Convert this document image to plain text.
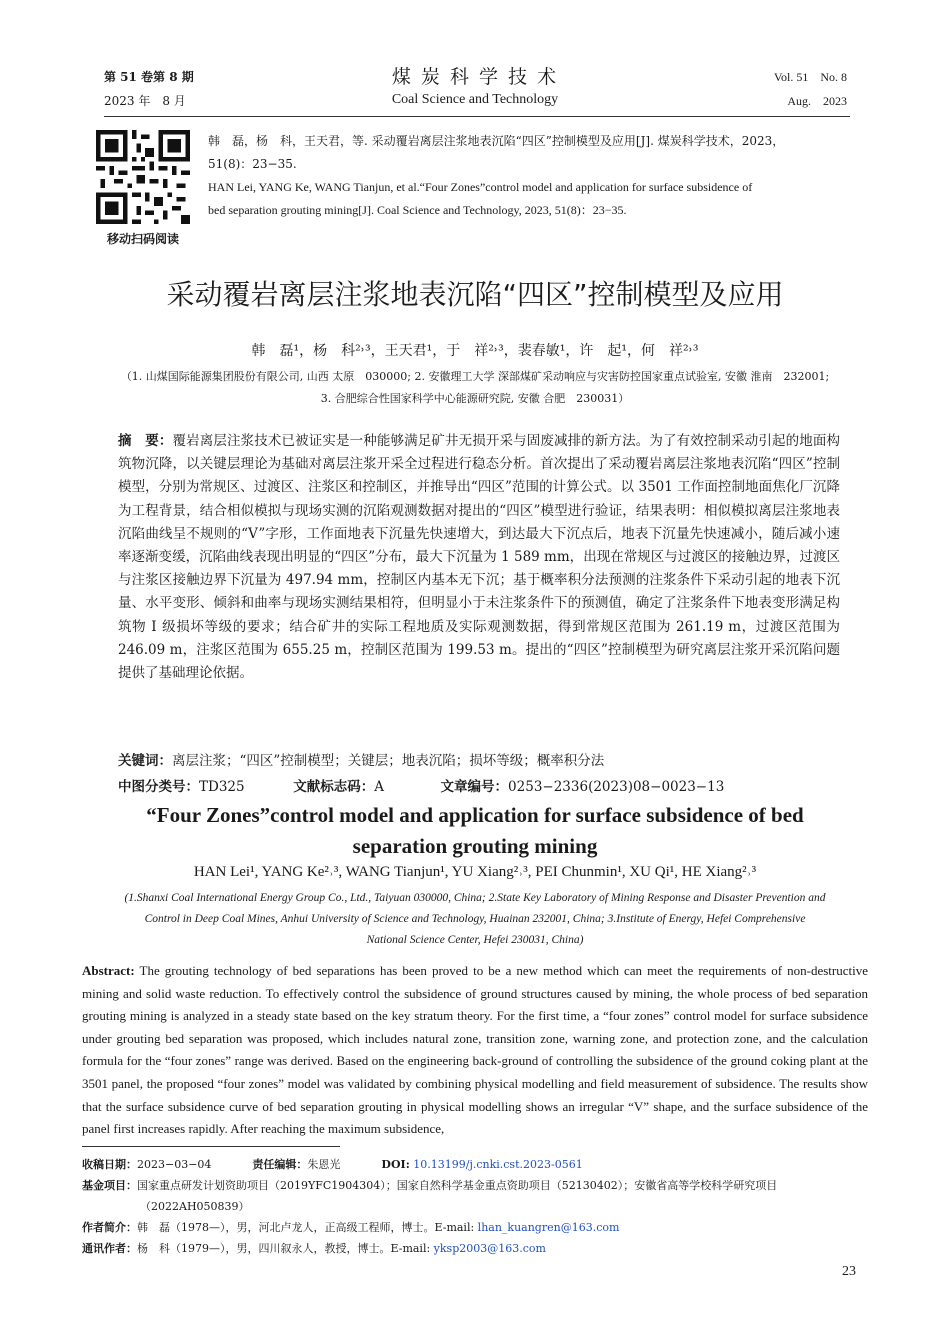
第 51 卷第 8 期
2023 年　8 月
煤 炭 科 学 技 术
Coal Science and Technology
Vol. 51　No. 8
Aug.　2023
移动扫码阅读
韩　磊，杨　科，王天君，等. 采动覆岩离层注浆地表沉陷“四区”控制模型及应用[J]. 煤炭科学技术，2023，
51(8)：23−35.
HAN Lei, YANG Ke, WANG Tianjun, et al.“Four Zones”control model and application for surface subsidence of
bed separation grouting mining[J]. Coal Science and Technology, 2023, 51(8)：23−35.
采动覆岩离层注浆地表沉陷“四区”控制模型及应用
韩　磊¹，杨　科²˒³，王天君¹，于　祥²˒³，裴春敏¹，许　起¹，何　祥²˒³
（1. 山煤国际能源集团股份有限公司, 山西 太原　030000; 2. 安徽理工大学 深部煤矿采动响应与灾害防控国家重点试验室, 安徽 淮南　232001;
3. 合肥综合性国家科学中心能源研究院, 安徽 合肥　230031）
摘　要：覆岩离层注浆技术已被证实是一种能够满足矿井无损开采与固废减排的新方法。为了有效控制采动引起的地面构筑物沉降，以关键层理论为基础对离层注浆开采全过程进行稳态分析。首次提出了采动覆岩离层注浆地表沉陷“四区”控制模型，分别为常规区、过渡区、注浆区和控制区，并推导出“四区”范围的计算公式。以 3501 工作面控制地面焦化厂沉降为工程背景，结合相似模拟与现场实测的沉陷观测数据对提出的“四区”模型进行验证，结果表明：相似模拟离层注浆地表沉陷曲线呈不规则的“V”字形，工作面地表下沉量先快速增大，到达最大下沉点后，地表下沉量先快速减小，随后减小速率逐渐变缓，沉陷曲线表现出明显的“四区”分布，最大下沉量为 1 589 mm，出现在常规区与过渡区的接触边界，过渡区与注浆区接触边界下沉量为 497.94 mm，控制区内基本无下沉；基于概率积分法预测的注浆条件下采动引起的地表下沉量、水平变形、倾斜和曲率与现场实测结果相符，但明显小于未注浆条件下的预测值，确定了注浆条件下地表变形满足构筑物 Ⅰ 级损坏等级的要求；结合矿井的实际工程地质及实际观测数据，得到常规区范围为 261.19 m，过渡区范围为 246.09 m，注浆区范围为 655.25 m，控制区范围为 199.53 m。提出的“四区”控制模型为研究离层注浆开采沉陷问题提供了基础理论依据。
关键词：离层注浆；“四区”控制模型；关键层；地表沉陷；损坏等级；概率积分法
中图分类号：TD325	文献标志码：A	文章编号：0253−2336(2023)08−0023−13
“Four Zones”control model and application for surface subsidence of bed separation grouting mining
HAN Lei¹, YANG Ke²˒³, WANG Tianjun¹, YU Xiang²˒³, PEI Chunmin¹, XU Qi¹, HE Xiang²˒³
(1.Shanxi Coal International Energy Group Co., Ltd., Taiyuan 030000, China; 2.State Key Laboratory of Mining Response and Disaster Prevention and
Control in Deep Coal Mines, Anhui University of Science and Technology, Huainan 232001, China; 3.Institute of Energy, Hefei Comprehensive
National Science Center, Hefei 230031, China)
Abstract: The grouting technology of bed separations has been proved to be a new method which can meet the requirements of non-destructive mining and solid waste reduction. To effectively control the subsidence of ground structures caused by mining, the whole process of bed separation grouting mining is analyzed in a steady state based on the key stratum theory. For the first time, a “four zones” control model for surface subsidence under grouting bed separation was proposed, which includes natural zone, transition zone, warning zone, and protection zone, and the calculation formula for the “four zones” range was derived. Based on the engineering back-ground of controlling the subsidence of the ground coking plant at the 3501 panel, the proposed “four zones” model was validated by combining physical modelling and field measurement of subsidence. The results show that the surface subsidence curve of bed separation grouting in physical modelling shows an irregular “V” shape, and the surface subsidence of the panel first increases rapidly. After reaching the maximum subsidence,
收稿日期：2023−03−04	责任编辑：朱恩光	DOI: 10.13199/j.cnki.cst.2023-0561
基金项目：国家重点研发计划资助项目（2019YFC1904304）；国家自然科学基金重点资助项目（52130402）；安徽省高等学校科学研究项目
（2022AH050839）
作者简介：韩　磊（1978—），男，河北卢龙人，正高级工程师，博士。E-mail: lhan_kuangren@163.com
通讯作者：杨　科（1979—），男，四川叙永人，教授，博士。E-mail: yksp2003@163.com
23
